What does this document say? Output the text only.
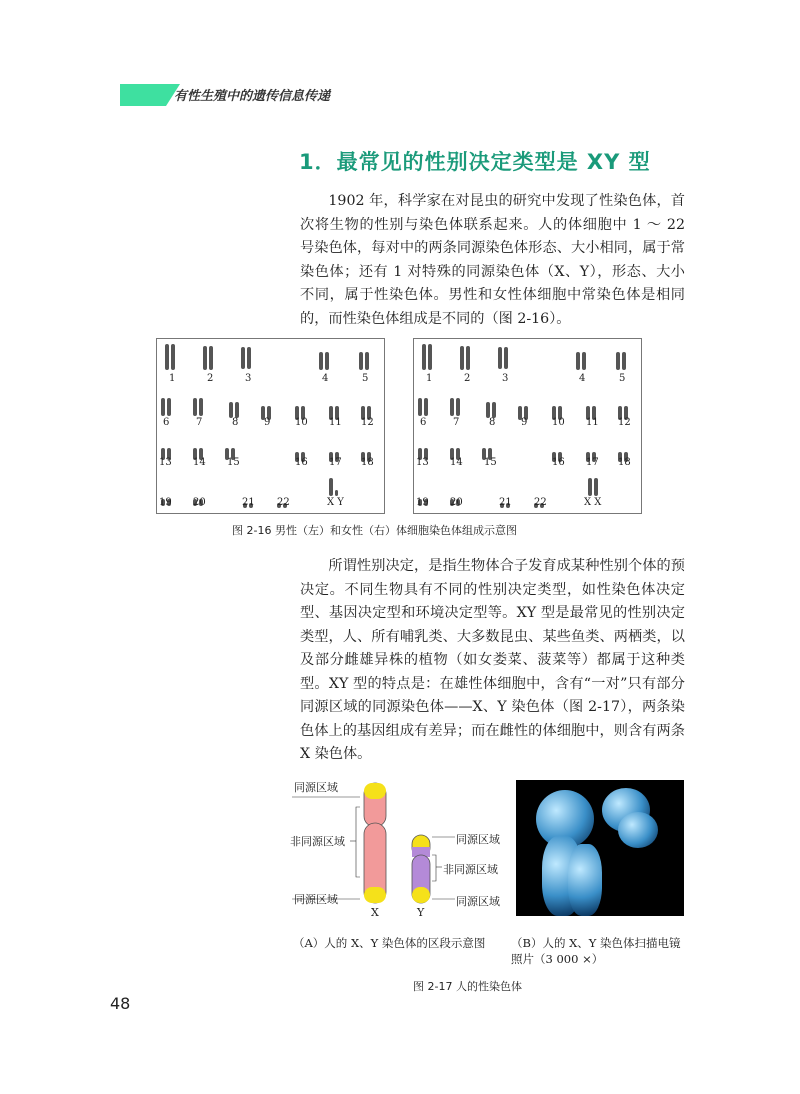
有性生殖中的遗传信息传递
1．最常见的性别决定类型是 XY 型
1902 年，科学家在对昆虫的研究中发现了性染色体，首次将生物的性别与染色体联系起来。人的体细胞中 1 ～ 22 号染色体，每对中的两条同源染色体形态、大小相同，属于常染色体；还有 1 对特殊的同源染色体（X、Y），形态、大小不同，属于性染色体。男性和女性体细胞中常染色体是相同的，而性染色体组成是不同的（图 2-16）。
1	2	3	4	5
6	7	8	9 10 11 12
13 14 15	16 17 18
19 20	21 22	X Y
1	2	3	4	5
6	7	8	9 10 11 12
13 14 15	16 17 18
19 20	21 22	X X
图 2-16 男性（左）和女性（右）体细胞染色体组成示意图
所谓性别决定，是指生物体合子发育成某种性别个体的预决定。不同生物具有不同的性别决定类型，如性染色体决定型、基因决定型和环境决定型等。XY 型是最常见的性别决定类型，人、所有哺乳类、大多数昆虫、某些鱼类、两栖类，以及部分雌雄异株的植物（如女娄菜、菠菜等）都属于这种类型。XY 型的特点是：在雄性体细胞中，含有“一对”只有部分同源区域的同源染色体——X、Y 染色体（图 2-17），两条染色体上的基因组成有差异；而在雌性的体细胞中，则含有两条 X 染色体。
同源区域
非同源区域
同源区域
同源区域
非同源区域
同源区域
X	Y
（A）人的 X、Y 染色体的区段示意图 （B）人的 X、Y 染色体扫描电镜照片（3 000 ×）
图 2-17 人的性染色体
48
